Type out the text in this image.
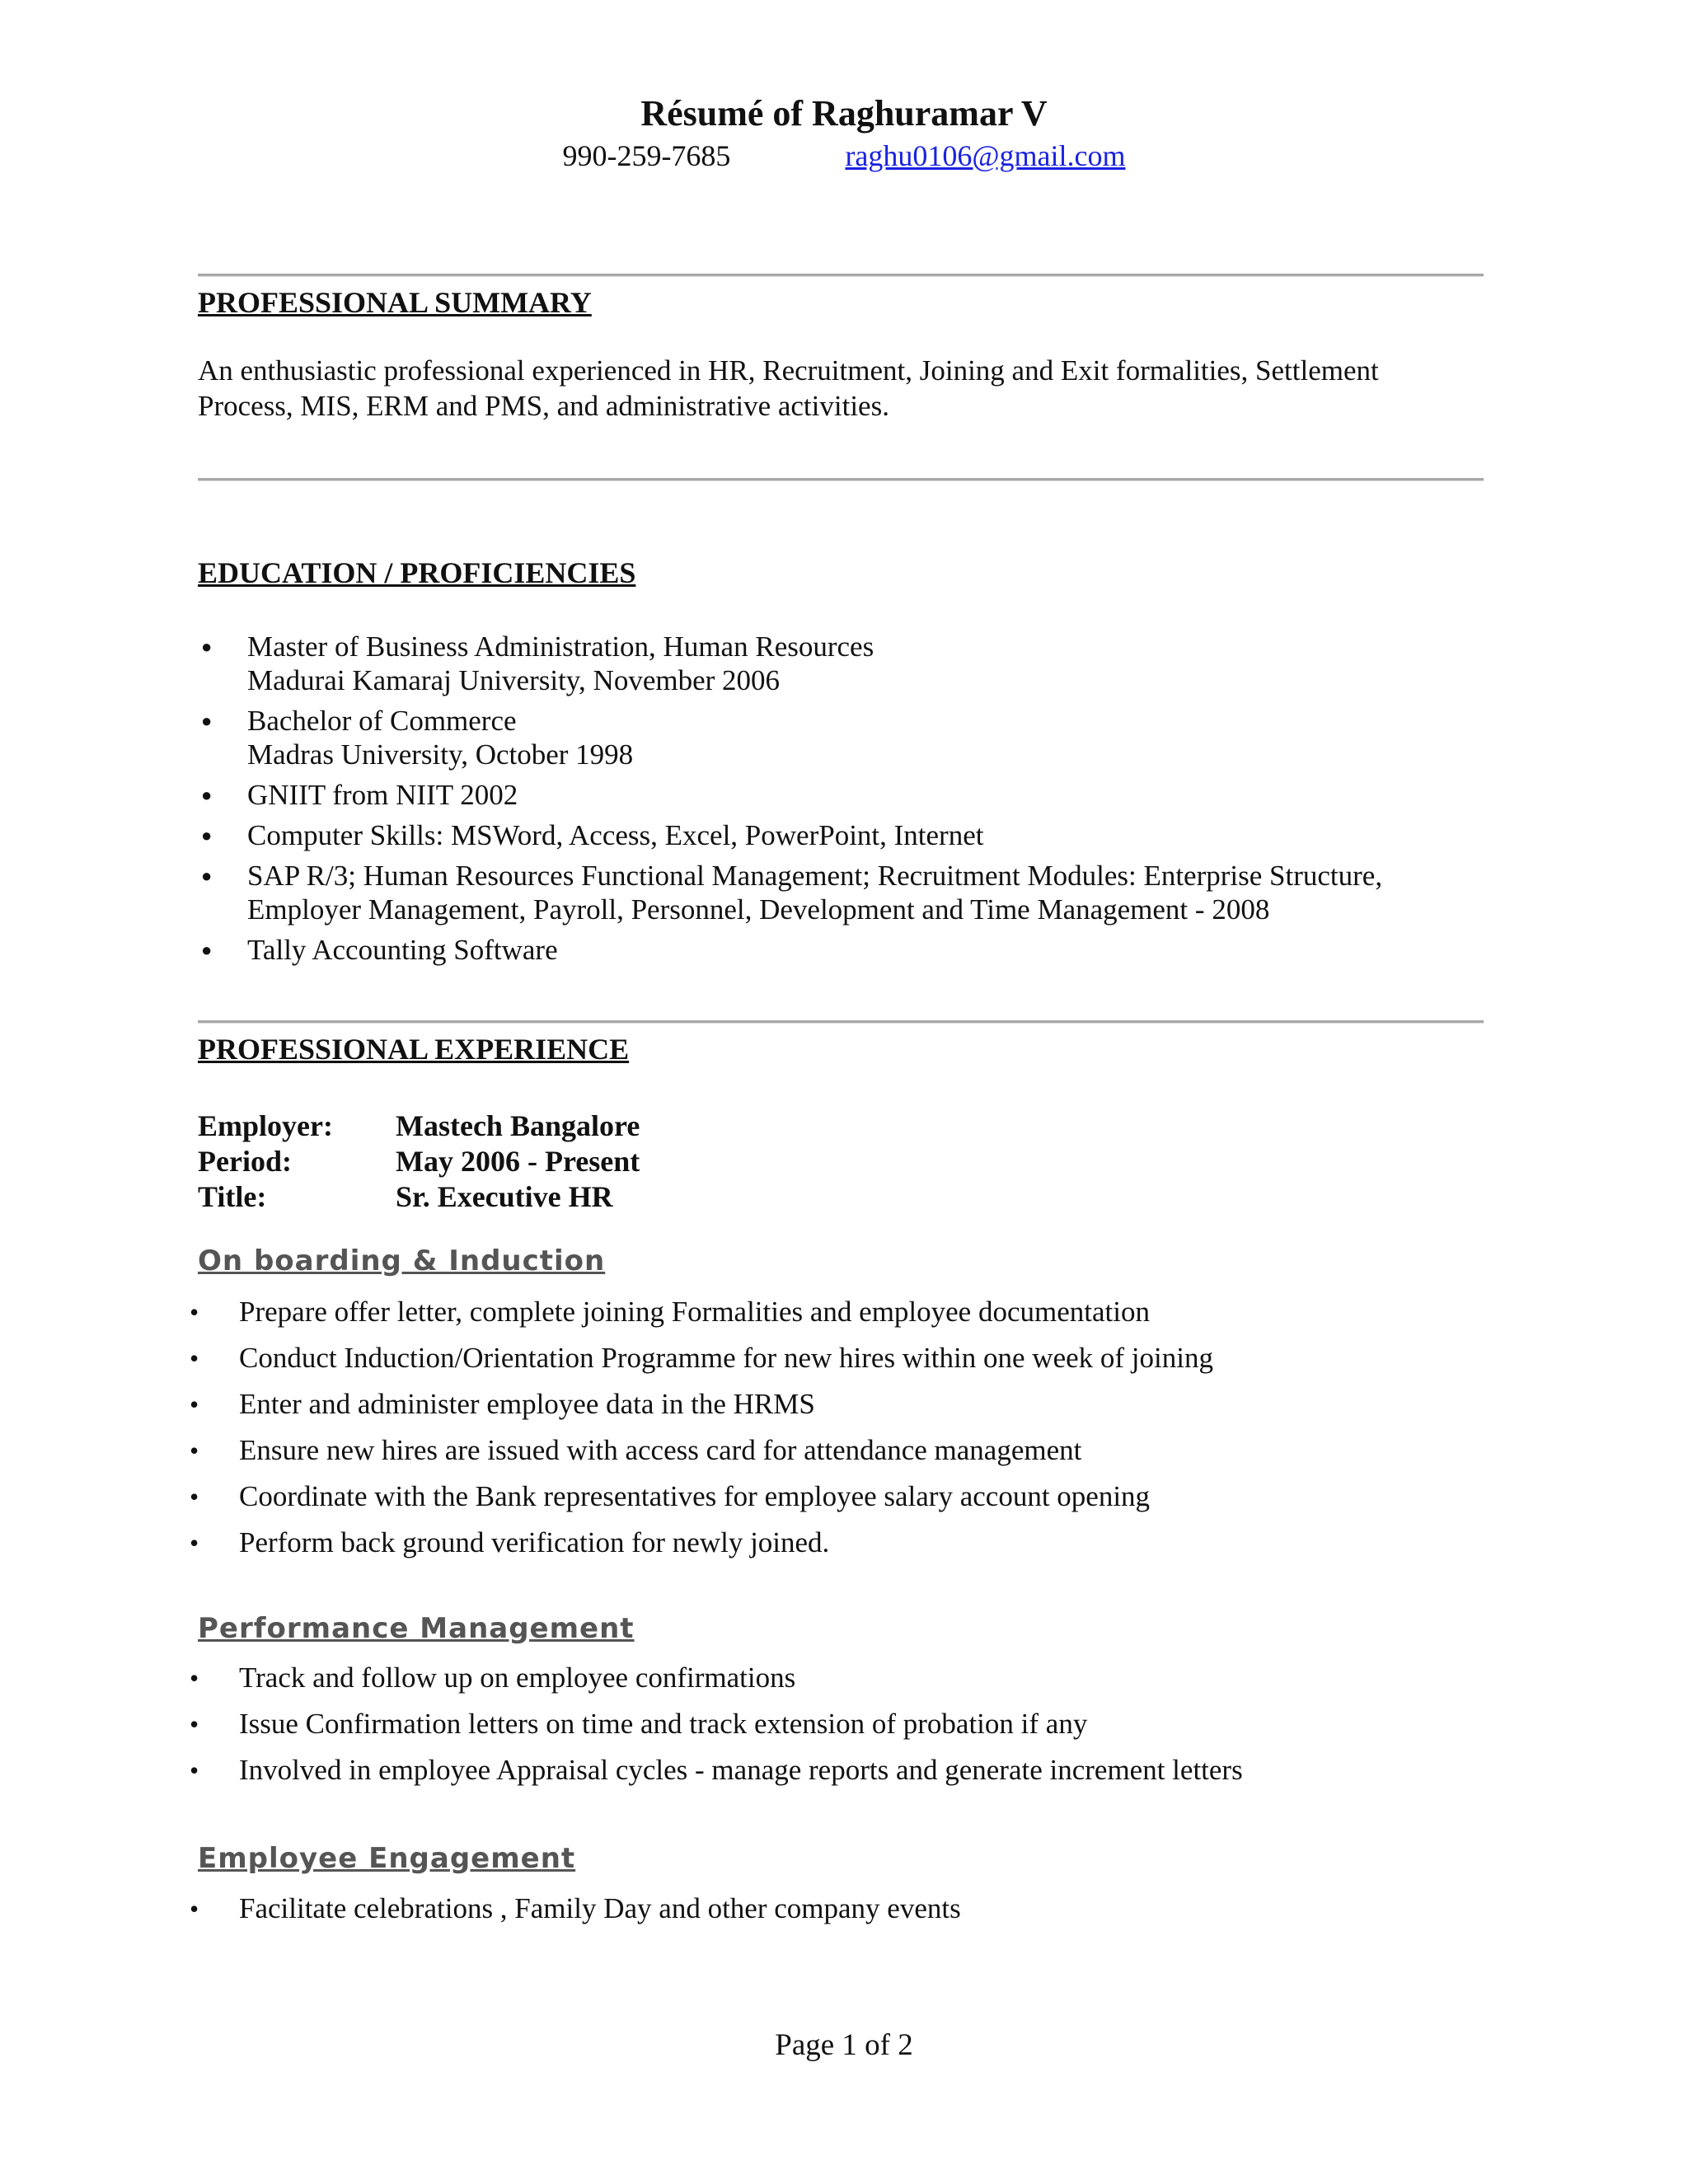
Résumé of Raghuramar V
990-259-7685	raghu0106@gmail.com
PROFESSIONAL SUMMARY
An enthusiastic professional experienced in HR, Recruitment, Joining and Exit formalities, Settlement
Process, MIS, ERM and PMS, and administrative activities.
EDUCATION / PROFICIENCIES
● Master of Business Administration, Human Resources
Madurai Kamaraj University, November 2006
● Bachelor of Commerce
Madras University, October 1998
● GNIIT from NIIT 2002
● Computer Skills: MSWord, Access, Excel, PowerPoint, Internet
● SAP R/3; Human Resources Functional Management; Recruitment Modules: Enterprise Structure,
Employer Management, Payroll, Personnel, Development and Time Management - 2008
● Tally Accounting Software
PROFESSIONAL EXPERIENCE
Employer:	Mastech Bangalore
Period:	May 2006 - Present
Title:	Sr. Executive HR
On boarding & Induction
• Prepare offer letter, complete joining Formalities and employee documentation
• Conduct Induction/Orientation Programme for new hires within one week of joining
• Enter and administer employee data in the HRMS
• Ensure new hires are issued with access card for attendance management
• Coordinate with the Bank representatives for employee salary account opening
• Perform back ground verification for newly joined.
Performance Management
• Track and follow up on employee confirmations
• Issue Confirmation letters on time and track extension of probation if any
• Involved in employee Appraisal cycles - manage reports and generate increment letters
Employee Engagement
• Facilitate celebrations , Family Day and other company events
Page 1 of 2
